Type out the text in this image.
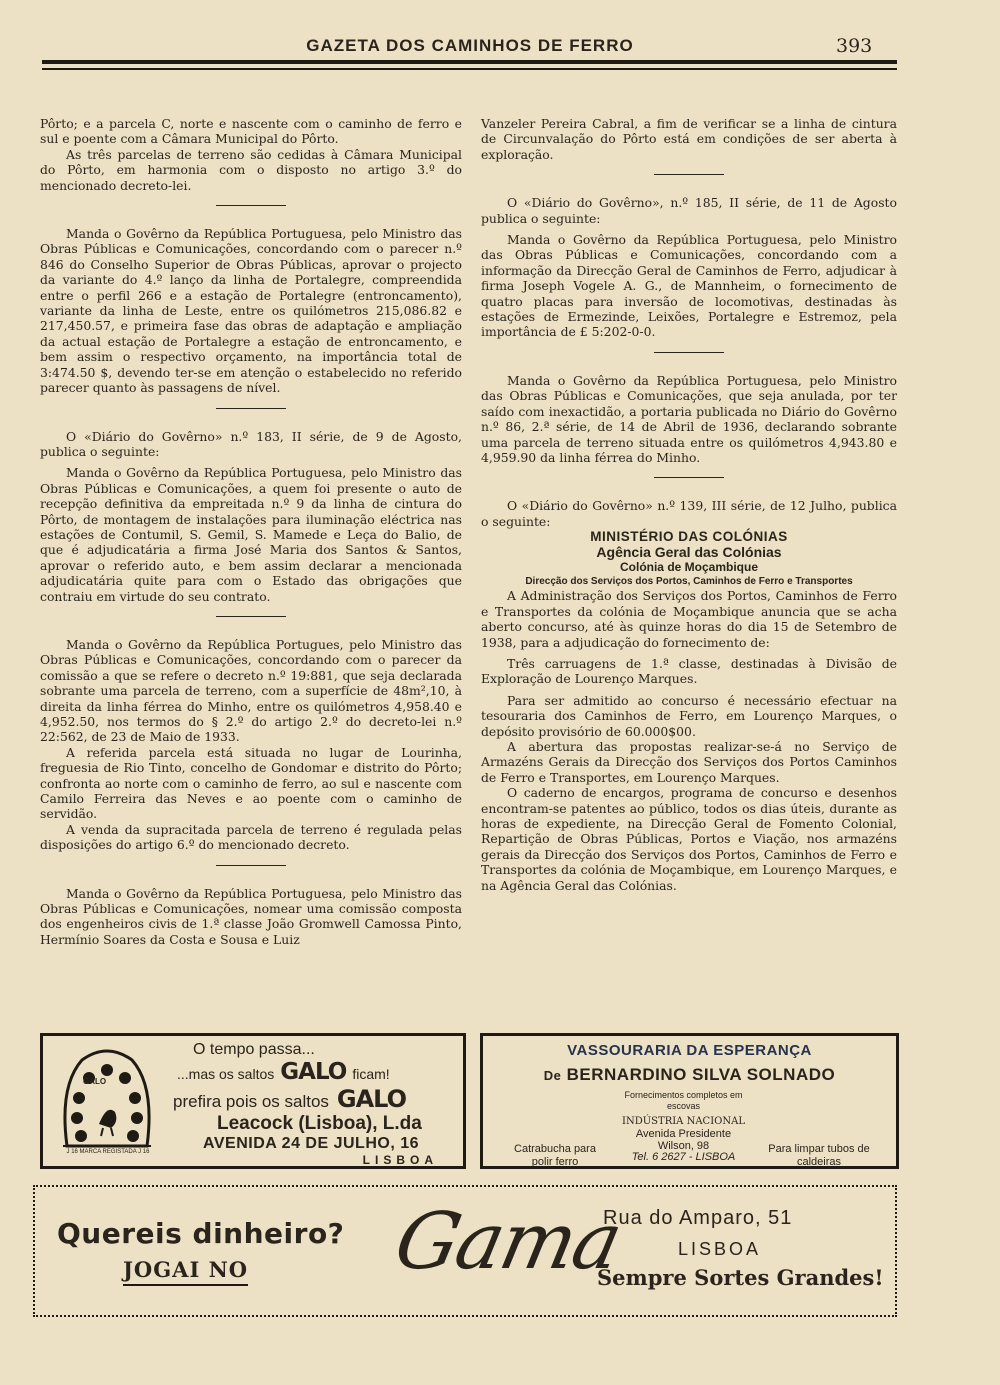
GAZETA DOS CAMINHOS DE FERRO	393

Pôrto; e a parcela C, norte e nascente com o caminho de ferro e sul e poente com a Câmara Municipal do Pôrto.

As três parcelas de terreno são cedidas à Câmara Municipal do Pôrto, em harmonia com o disposto no artigo 3.º do mencionado decreto-lei.

Manda o Govêrno da República Portuguesa, pelo Ministro das Obras Públicas e Comunicações, concordando com o parecer n.º 846 do Conselho Superior de Obras Públicas, aprovar o projecto da variante do 4.º lanço da linha de Portalegre, compreendida entre o perfil 266 e a estação de Portalegre (entroncamento), variante da linha de Leste, entre os quilómetros 215,086.82 e 217,450.57, e primeira fase das obras de adaptação e ampliação da actual estação de Portalegre a estação de entroncamento, e bem assim o respectivo orçamento, na importância total de 3:474.50 $, devendo ter-se em atenção o estabelecido no referido parecer quanto às passagens de nível.

O «Diário do Govêrno» n.º 183, II série, de 9 de Agosto, publica o seguinte:

Manda o Govêrno da República Portuguesa, pelo Ministro das Obras Públicas e Comunicações, a quem foi presente o auto de recepção definitiva da empreitada n.º 9 da linha de cintura do Pôrto, de montagem de instalações para iluminação eléctrica nas estações de Contumil, S. Gemil, S. Mamede e Leça do Balio, de que é adjudicatária a firma José Maria dos Santos & Santos, aprovar o referido auto, e bem assim declarar a mencionada adjudicatária quite para com o Estado das obrigações que contraiu em virtude do seu contrato.

Manda o Govêrno da República Portugues, pelo Ministro das Obras Públicas e Comunicações, concordando com o parecer da comissão a que se refere o decreto n.º 19:881, que seja declarada sobrante uma parcela de terreno, com a superfície de 48m²,10, à direita da linha férrea do Minho, entre os quilómetros 4,958.40 e 4,952.50, nos termos do § 2.º do artigo 2.º do decreto-lei n.º 22:562, de 23 de Maio de 1933.

A referida parcela está situada no lugar de Lourinha, freguesia de Rio Tinto, concelho de Gondomar e distrito do Pôrto; confronta ao norte com o caminho de ferro, ao sul e nascente com Camilo Ferreira das Neves e ao poente com o caminho de servidão.

A venda da supracitada parcela de terreno é regulada pelas disposições do artigo 6.º do mencionado decreto.

Manda o Govêrno da República Portuguesa, pelo Ministro das Obras Públicas e Comunicações, nomear uma comissão composta dos engenheiros civis de 1.ª classe João Gromwell Camossa Pinto, Hermínio Soares da Costa e Sousa e Luiz

Vanzeler Pereira Cabral, a fim de verificar se a linha de cintura de Circunvalação do Pôrto está em condições de ser aberta à exploração.

O «Diário do Govêrno», n.º 185, II série, de 11 de Agosto publica o seguinte:

Manda o Govêrno da República Portuguesa, pelo Ministro das Obras Públicas e Comunicações, concordando com a informação da Direcção Geral de Caminhos de Ferro, adjudicar à firma Joseph Vogele A. G., de Mannheim, o fornecimento de quatro placas para inversão de locomotivas, destinadas às estações de Ermezinde, Leixões, Portalegre e Estremoz, pela importância de £ 5:202-0-0.

Manda o Govêrno da República Portuguesa, pelo Ministro das Obras Públicas e Comunicações, que seja anulada, por ter saído com inexactidão, a portaria publicada no Diário do Govêrno n.º 86, 2.ª série, de 14 de Abril de 1936, declarando sobrante uma parcela de terreno situada entre os quilómetros 4,943.80 e 4,959.90 da linha férrea do Minho.

O «Diário do Govêrno» n.º 139, III série, de 12 Julho, publica o seguinte:

MINISTÉRIO DAS COLÓNIAS

Agência Geral das Colónias

Colónia de Moçambique

Direcção dos Serviços dos Portos, Caminhos de Ferro e Transportes

A Administração dos Serviços dos Portos, Caminhos de Ferro e Transportes da colónia de Moçambique anuncia que se acha aberto concurso, até às quinze horas do dia 15 de Setembro de 1938, para a adjudicação do fornecimento de:

Três carruagens de 1.ª classe, destinadas à Divisão de Exploração de Lourenço Marques.

Para ser admitido ao concurso é necessário efectuar na tesouraria dos Caminhos de Ferro, em Lourenço Marques, o depósito provisório de 60.000$00.

A abertura das propostas realizar-se-á no Serviço de Armazéns Gerais da Direcção dos Serviços dos Portos Caminhos de Ferro e Transportes, em Lourenço Marques.

O caderno de encargos, programa de concurso e desenhos encontram-se patentes ao público, todos os dias úteis, durante as horas de expediente, na Direcção Geral de Fomento Colonial, Repartição de Obras Públicas, Portos e Viação, nos armazéns gerais da Direcção dos Serviços dos Portos, Caminhos de Ferro e Transportes da colónia de Moçambique, em Lourenço Marques, e na Agência Geral das Colónias.

GALO
J 16 MARCA REGISTADA J 16
O tempo passa...
...mas os saltos GALO ficam!
prefira pois os saltos GALO
Leacock (Lisboa), L.da
AVENIDA 24 DE JULHO, 16
LISBOA
VASSOURARIA DA ESPERANÇA
De BERNARDINO SILVA SOLNADO
Fornecimentos completos em escovas
INDÚSTRIA NACIONAL
Avenida Presidente Wilson, 98
Tel. 6 2627 - LISBOA
Catrabucha para polir ferro
Para limpar tubos de caldeiras
Quereis dinheiro?
JOGAI NO Gama
Rua do Amparo, 51
LISBOA
Sempre Sortes Grandes!
